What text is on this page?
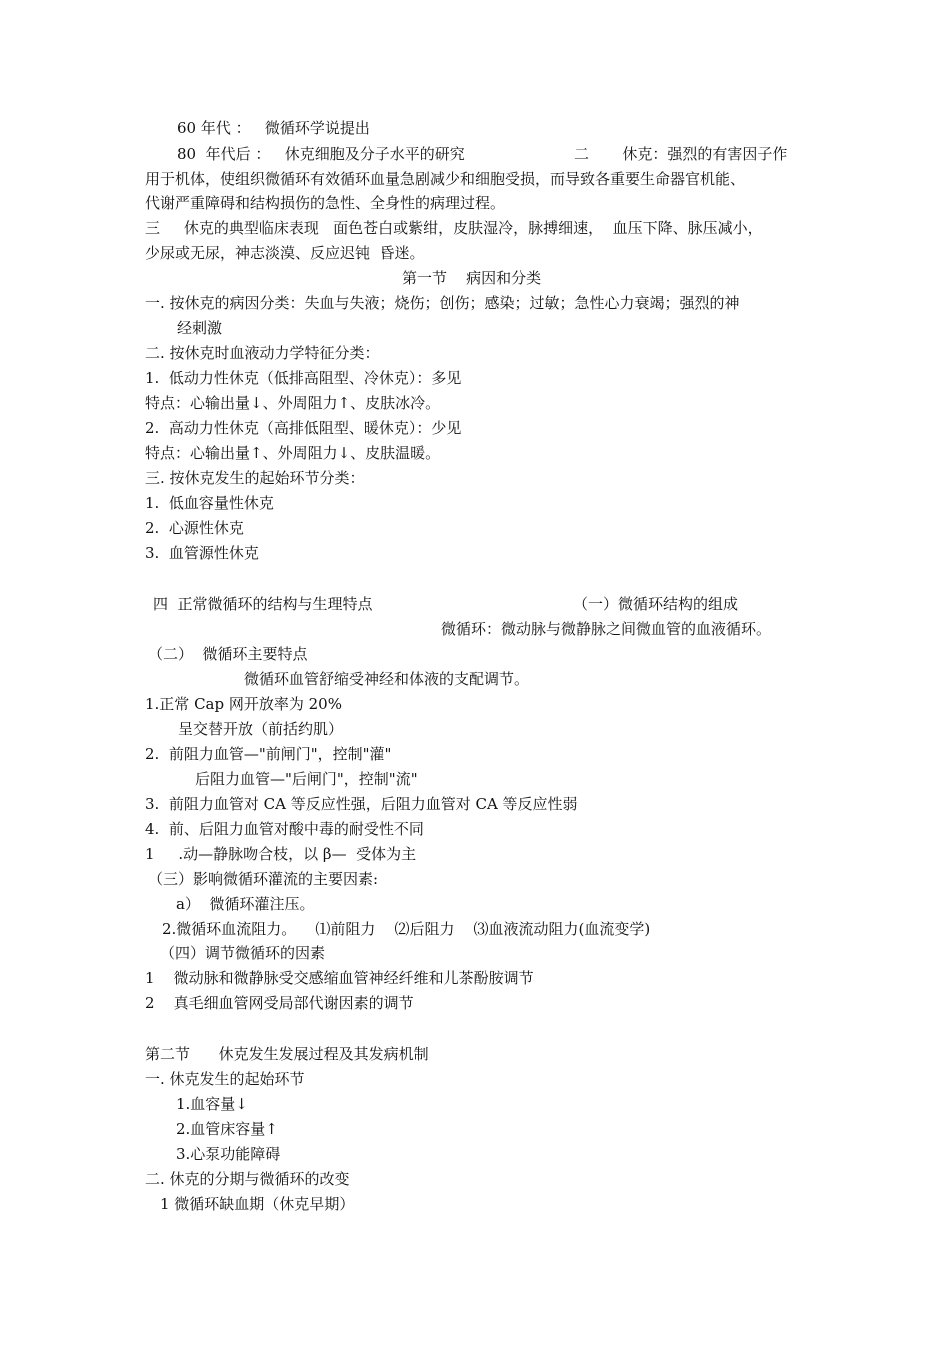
60 年代 ：   微循环学说提出
80  年代后 ：   休克细胞及分子水平的研究	二       休克：强烈的有害因子作
用于机体，使组织微循环有效循环血量急剧减少和细胞受损，而导致各重要生命器官机能、
代谢严重障碍和结构损伤的急性、全身性的病理过程。
三     休克的典型临床表现   面色苍白或紫绀，皮肤湿冷，脉搏细速，  血压下降、脉压减小，
少尿或无尿，神志淡漠、反应迟钝  昏迷。
第一节    病因和分类
一. 按休克的病因分类：失血与失液；烧伤；创伤；感染；过敏；急性心力衰竭；强烈的神
经刺激
二. 按休克时血液动力学特征分类：
1.  低动力性休克（低排高阻型、冷休克）：多见
特点：心输出量↓、外周阻力↑、皮肤冰冷。
2.  高动力性休克（高排低阻型、暖休克）：少见
特点：心输出量↑、外周阻力↓、皮肤温暖。
三. 按休克发生的起始环节分类：
1.  低血容量性休克
2.  心源性休克
3.  血管源性休克
四  正常微循环的结构与生理特点	（一）微循环结构的组成
微循环：微动脉与微静脉之间微血管的血液循环。
（二）  微循环主要特点
微循环血管舒缩受神经和体液的支配调节。
1.正常 Cap 网开放率为 20%
呈交替开放（前括约肌）
2.  前阻力血管—"前闸门"，控制"灌"
后阻力血管—"后闸门"，控制"流"
3.  前阻力血管对 CA 等反应性强，后阻力血管对 CA 等反应性弱
4.  前、后阻力血管对酸中毒的耐受性不同
1     .动—静脉吻合枝，以 β—  受体为主
（三）影响微循环灌流的主要因素:
a）  微循环灌注压。
2.微循环血流阻力。    ⑴前阻力    ⑵后阻力    ⑶血液流动阻力(血流变学)
（四）调节微循环的因素
1    微动脉和微静脉受交感缩血管神经纤维和儿茶酚胺调节
2    真毛细血管网受局部代谢因素的调节
第二节      休克发生发展过程及其发病机制
一. 休克发生的起始环节
1.血容量↓
2.血管床容量↑
3.心泵功能障碍
二. 休克的分期与微循环的改变
1 微循环缺血期（休克早期）
